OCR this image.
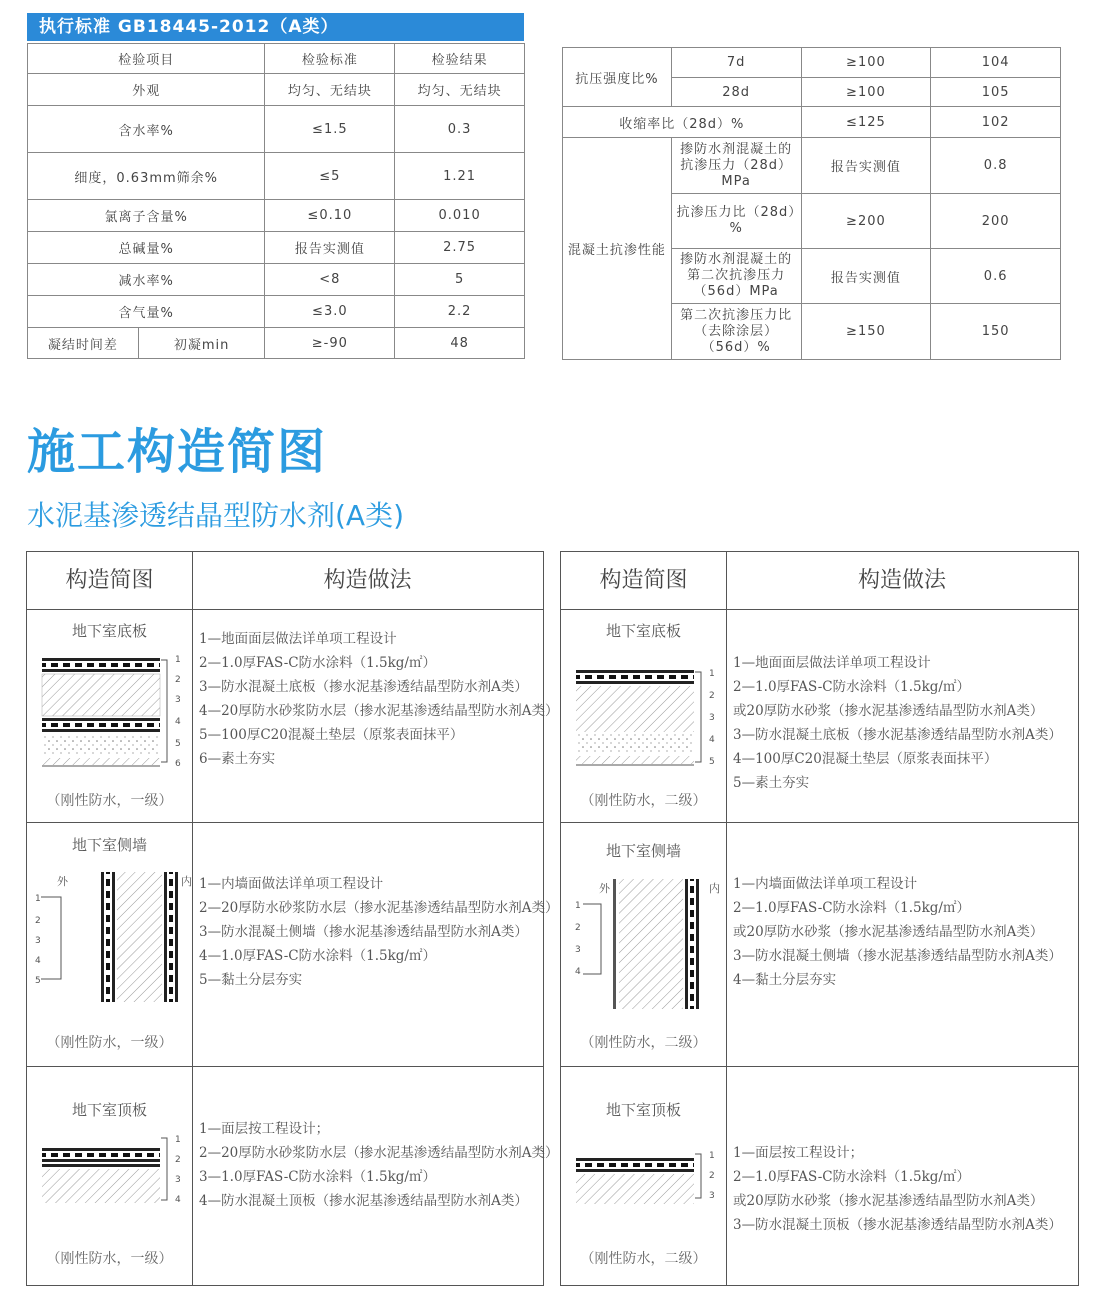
执行标准 GB18445-2012（A类）
检验项目		检验标准	检验结果
外观		均匀、无结块	均匀、无结块
含水率%		≤1.5	0.3
细度，0.63mm筛余%		≤5	1.21
氯离子含量%		≤0.10	0.010
总碱量%		报告实测值	2.75
减水率%		<8	5
含气量%		≤3.0	2.2
凝结时间差	初凝min	≥-90	48
抗压强度比%	7d	≥100	104
	28d	≥100	105
收缩率比（28d）%		≤125	102
混凝土抗渗性能	掺防水剂混凝土的抗渗压力（28d）MPa	报告实测值	0.8
	抗渗压力比（28d）%	≥200	200
	掺防水剂混凝土的第二次抗渗压力（56d）MPa	报告实测值	0.6
	第二次抗渗压力比（去除涂层）（56d）%	≥150	150
施工构造简图
水泥基渗透结晶型防水剂(A类)
构造简图	构造做法
地下室底板
1
2
3
4
5
6
（刚性防水，一级）
1—地面面层做法详单项工程设计
2—1.0厚FAS-C防水涂料（1.5kg/㎡）
3—防水混凝土底板（掺水泥基渗透结晶型防水剂A类）
4—20厚防水砂浆防水层（掺水泥基渗透结晶型防水剂A类）
5—100厚C20混凝土垫层（原浆表面抹平）
6—素土夯实
地下室侧墙
外	内
1
2
3
4
5
（刚性防水，一级）
1—内墙面做法详单项工程设计
2—20厚防水砂浆防水层（掺水泥基渗透结晶型防水剂A类）
3—防水混凝土侧墙（掺水泥基渗透结晶型防水剂A类）
4—1.0厚FAS-C防水涂料（1.5kg/㎡）
5—黏土分层夯实
地下室顶板
1
2
3
4
（刚性防水，一级）
1—面层按工程设计；
2—20厚防水砂浆防水层（掺水泥基渗透结晶型防水剂A类）
3—1.0厚FAS-C防水涂料（1.5kg/㎡）
4—防水混凝土顶板（掺水泥基渗透结晶型防水剂A类）
构造简图	构造做法
地下室底板
1
2
3
4
5
（刚性防水，二级）
1—地面面层做法详单项工程设计
2—1.0厚FAS-C防水涂料（1.5kg/㎡）
或20厚防水砂浆（掺水泥基渗透结晶型防水剂A类）
3—防水混凝土底板（掺水泥基渗透结晶型防水剂A类）
4—100厚C20混凝土垫层（原浆表面抹平）
5—素土夯实
地下室侧墙
外	内
1
2
3
4
（刚性防水，二级）
1—内墙面做法详单项工程设计
2—1.0厚FAS-C防水涂料（1.5kg/㎡）
或20厚防水砂浆（掺水泥基渗透结晶型防水剂A类）
3—防水混凝土侧墙（掺水泥基渗透结晶型防水剂A类）
4—黏土分层夯实
地下室顶板
1
2
3
（刚性防水，二级）
1—面层按工程设计；
2—1.0厚FAS-C防水涂料（1.5kg/㎡）
或20厚防水砂浆（掺水泥基渗透结晶型防水剂A类）
3—防水混凝土顶板（掺水泥基渗透结晶型防水剂A类）
